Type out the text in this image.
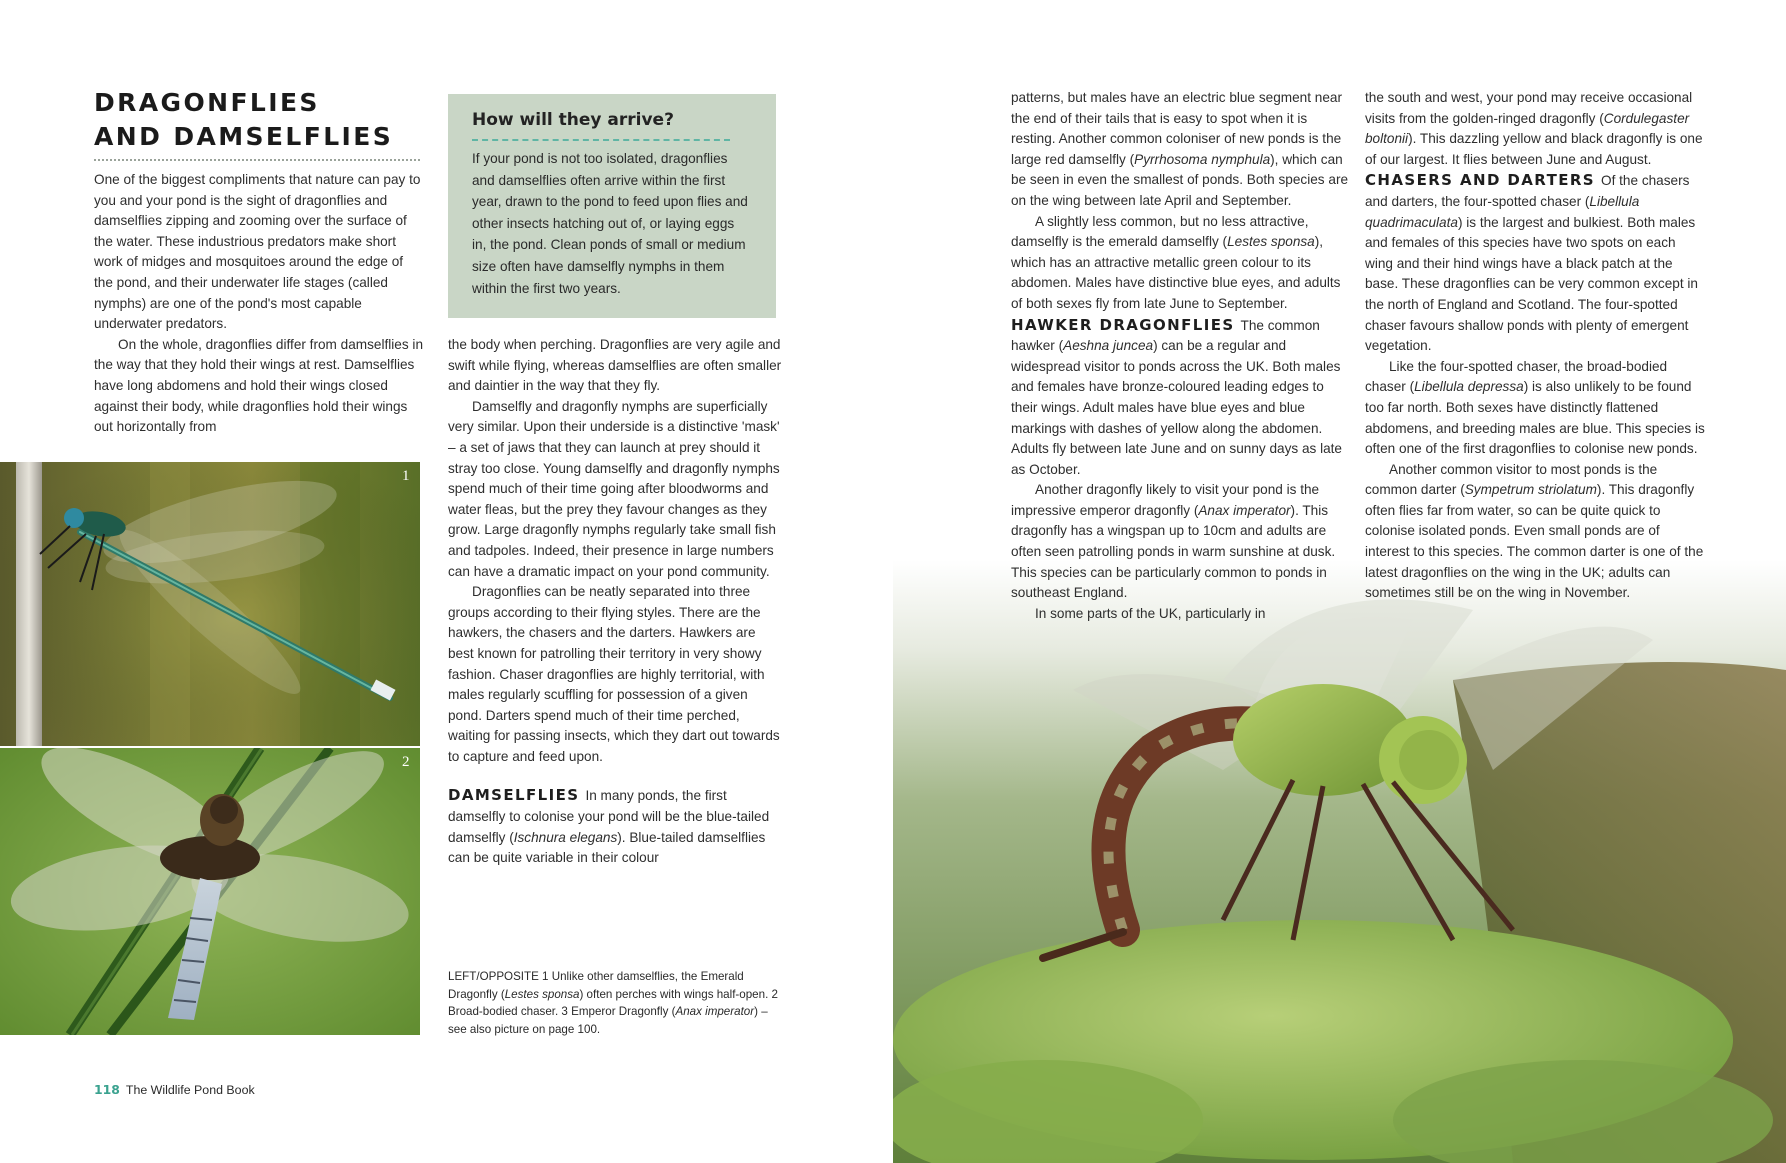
DRAGONFLIES
AND DAMSELFLIES

One of the biggest compliments that nature can pay to you and your pond is the sight of dragonflies and damselflies zipping and zooming over the surface of the water. These industrious predators make short work of midges and mosquitoes around the edge of the pond, and their underwater life stages (called nymphs) are one of the pond's most capable underwater predators.

On the whole, dragonflies differ from damselflies in the way that they hold their wings at rest. Damselflies have long abdomens and hold their wings closed against their body, while dragonflies hold their wings out horizontally from

How will they arrive?
If your pond is not too isolated, dragonflies and damselflies often arrive within the first year, drawn to the pond to feed upon flies and other insects hatching out of, or laying eggs in, the pond. Clean ponds of small or medium size often have damselfly nymphs in them within the first two years.

the body when perching. Dragonflies are very agile and swift while flying, whereas damselflies are often smaller and daintier in the way that they fly.

Damselfly and dragonfly nymphs are superficially very similar. Upon their underside is a distinctive 'mask' – a set of jaws that they can launch at prey should it stray too close. Young damselfly and dragonfly nymphs spend much of their time going after bloodworms and water fleas, but the prey they favour changes as they grow. Large dragonfly nymphs regularly take small fish and tadpoles. Indeed, their presence in large numbers can have a dramatic impact on your pond community.

Dragonflies can be neatly separated into three groups according to their flying styles. There are the hawkers, the chasers and the darters. Hawkers are best known for patrolling their territory in very showy fashion. Chaser dragonflies are highly territorial, with males regularly scuffling for possession of a given pond. Darters spend much of their time perched, waiting for passing insects, which they dart out towards to capture and feed upon.

DAMSELFLIES In many ponds, the first damselfly to colonise your pond will be the blue-tailed damselfly (Ischnura elegans). Blue-tailed damselflies can be quite variable in their colour

1
2
LEFT/OPPOSITE 1 Unlike other damselflies, the Emerald Dragonfly (Lestes sponsa) often perches with wings half-open. 2 Broad-bodied chaser. 3 Emperor Dragonfly (Anax imperator) – see also picture on page 100.
118 The Wildlife Pond Book

patterns, but males have an electric blue segment near the end of their tails that is easy to spot when it is resting. Another common coloniser of new ponds is the large red damselfly (Pyrrhosoma nymphula), which can be seen in even the smallest of ponds. Both species are on the wing between late April and September.

A slightly less common, but no less attractive, damselfly is the emerald damselfly (Lestes sponsa), which has an attractive metallic green colour to its abdomen. Males have distinctive blue eyes, and adults of both sexes fly from late June to September.

HAWKER DRAGONFLIES The common hawker (Aeshna juncea) can be a regular and widespread visitor to ponds across the UK. Both males and females have bronze-coloured leading edges to their wings. Adult males have blue eyes and blue markings with dashes of yellow along the abdomen. Adults fly between late June and on sunny days as late as October.

Another dragonfly likely to visit your pond is the impressive emperor dragonfly (Anax imperator). This dragonfly has a wingspan up to 10cm and adults are often seen patrolling ponds in warm sunshine at dusk. This species can be particularly common to ponds in southeast England.

In some parts of the UK, particularly in

the south and west, your pond may receive occasional visits from the golden-ringed dragonfly (Cordulegaster boltonii). This dazzling yellow and black dragonfly is one of our largest. It flies between June and August.

CHASERS AND DARTERS Of the chasers and darters, the four-spotted chaser (Libellula quadrimaculata) is the largest and bulkiest. Both males and females of this species have two spots on each wing and their hind wings have a black patch at the base. These dragonflies can be very common except in the north of England and Scotland. The four-spotted chaser favours shallow ponds with plenty of emergent vegetation.

Like the four-spotted chaser, the broad-bodied chaser (Libellula depressa) is also unlikely to be found too far north. Both sexes have distinctly flattened abdomens, and breeding males are blue. This species is often one of the first dragonflies to colonise new ponds.

Another common visitor to most ponds is the common darter (Sympetrum striolatum). This dragonfly often flies far from water, so can be quite quick to colonise isolated ponds. Even small ponds are of interest to this species. The common darter is one of the latest dragonflies on the wing in the UK; adults can sometimes still be on the wing in November.
